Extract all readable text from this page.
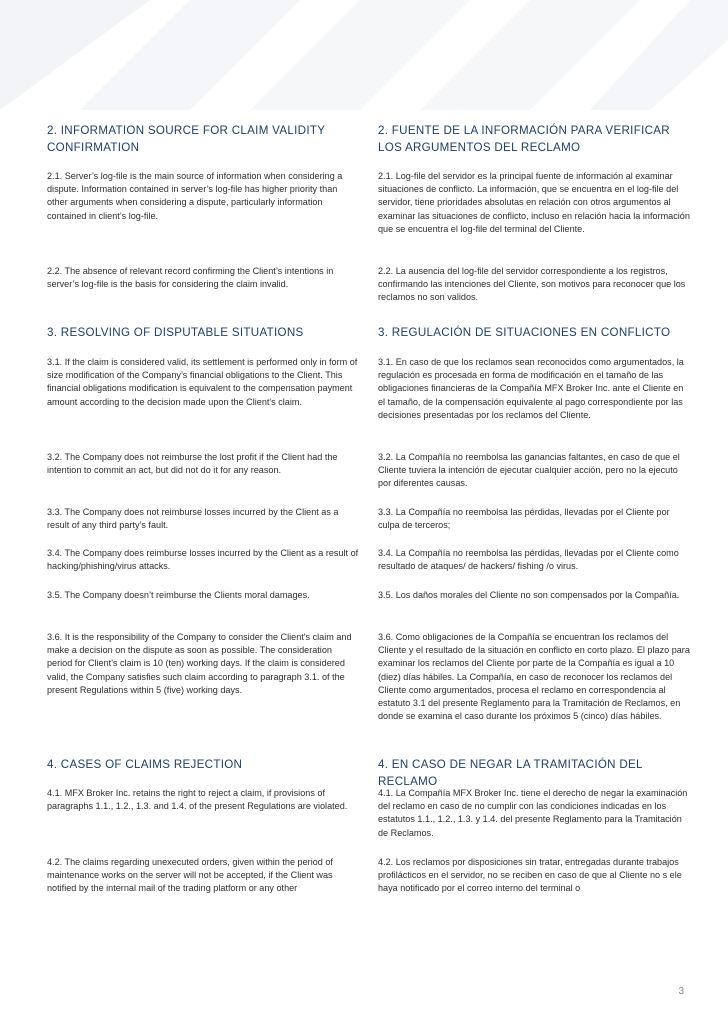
2. INFORMATION SOURCE FOR CLAIM VALIDITY CONFIRMATION
2. FUENTE DE LA INFORMACIÓN PARA VERIFICAR LOS ARGUMENTOS DEL RECLAMO
2.1. Server’s log-file is the main source of information when considering a dispute. Information contained in server’s log-file has higher priority than other arguments when considering a dispute, particularly information contained in client’s log-file.
2.1. Log-file del servidor es la principal fuente de información al examinar situaciones de conflicto. La información, que se encuentra en el log-file del servidor, tiene prioridades absolutas en relación con otros argumentos al examinar las situaciones de conflicto, incluso en relación hacia la información que se encuentra el log-file del terminal del Cliente.
2.2. The absence of relevant record confirming the Client’s intentions in server’s log-file is the basis for considering the claim invalid.
2.2. La ausencia del log-file del servidor correspondiente a los registros, confirmando las intenciones del Cliente, son motivos para reconocer que los reclamos no son validos.
3. RESOLVING OF DISPUTABLE SITUATIONS	3. REGULACIÓN DE SITUACIONES EN CONFLICTO
3.1. If the claim is considered valid, its settlement is performed only in form of size modification of the Company’s financial obligations to the Client. This financial obligations modification is equivalent to the compensation payment amount according to the decision made upon the Client's claim.
3.1. En caso de que los reclamos sean reconocidos como argumentados, la regulación es procesada en forma de modificación en el tamaño de las obligaciones financieras de la Compañía MFX Broker Inc. ante el Cliente en el tamaño, de la compensación equivalente al pago correspondiente por las decisiones presentadas por los reclamos del Cliente.
3.2. The Company does not reimburse the lost profit if the Client had the intention to commit an act, but did not do it for any reason.
3.2. La Compañía no reembolsa las ganancias faltantes, en caso de que el Cliente tuviera la intención de ejecutar cualquier acción, pero no la ejecuto por diferentes causas.
3.3. The Company does not reimburse losses incurred by the Client as a result of any third party’s fault.
3.3. La Compañía no reembolsa las pérdidas, llevadas por el Cliente por culpa de terceros;
3.4. The Company does reimburse losses incurred by the Client as a result of hacking/phishing/virus attacks.
3.4. La Compañía no reembolsa las pérdidas, llevadas por el Cliente como resultado de ataques/ de hackers/ fishing /o virus.
3.5. The Company doesn’t reimburse the Clients moral damages.	3.5. Los daños morales del Cliente no son compensados por la Compañía.
3.6. It is the responsibility of the Company to consider the Client's claim and make a decision on the dispute as soon as possible. The consideration period for Client's claim is 10 (ten) working days. If the claim is considered valid, the Company satisfies such claim according to paragraph 3.1. of the present Regulations within 5 (five) working days.
3.6. Como obligaciones de la Compañía se encuentran los reclamos del Cliente y el resultado de la situación en conflicto en corto plazo. El plazo para examinar los reclamos del Cliente por parte de la Compañía es igual a 10 (diez) días hábiles. La Compañía, en caso de reconocer los reclamos del Cliente como argumentados, procesa el reclamo en correspondencia al estatuto 3.1 del presente Reglamento para la Tramitación de Reclamos, en donde se examina el caso durante los próximos 5 (cinco) días hábiles.
4. CASES OF CLAIMS REJECTION	4. EN CASO DE NEGAR LA TRAMITACIÓN DEL RECLAMO
4.1. MFX Broker Inc. retains the right to reject a claim, if provisions of paragraphs 1.1., 1.2., 1.3. and 1.4. of the present Regulations are violated.
4.1. La Compañía MFX Broker Inc. tiene el derecho de negar la examinación del reclamo en caso de no cumplir con las condiciones indicadas en los estatutos 1.1., 1.2., 1.3. y 1.4. del presente Reglamento para la Tramitación de Reclamos.
4.2. The claims regarding unexecuted orders, given within the period of maintenance works on the server will not be accepted, if the Client was notified by the internal mail of the trading platform or any other
4.2. Los reclamos por disposiciones sin tratar, entregadas durante trabajos profilácticos en el servidor, no se reciben en caso de que al Cliente no s ele haya notificado por el correo interno del terminal o
3
